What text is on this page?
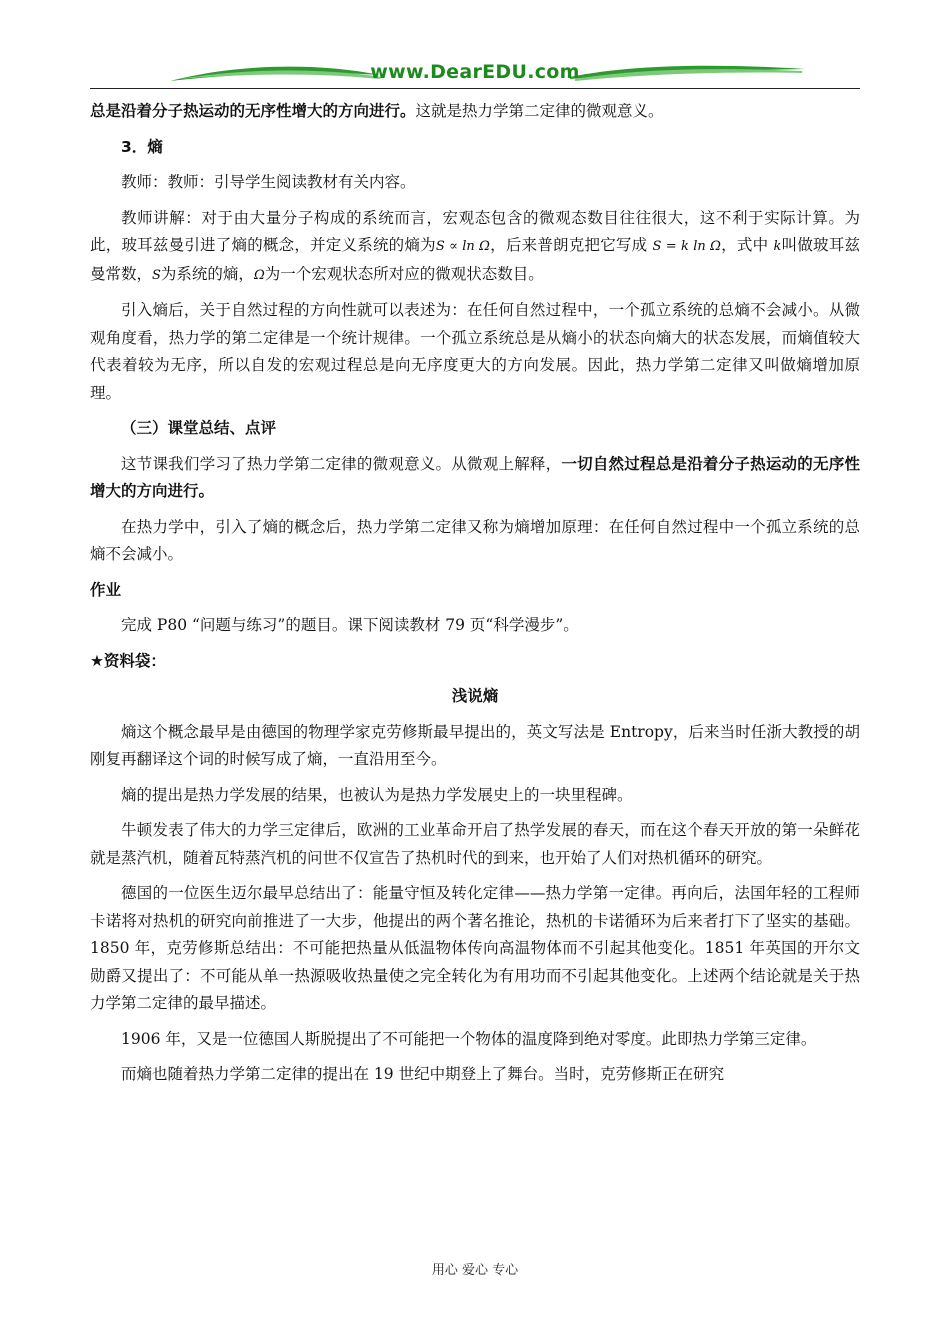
www.DearEDU.com

总是沿着分子热运动的无序性增大的方向进行。这就是热力学第二定律的微观意义。

3．熵

教师：教师：引导学生阅读教材有关内容。

教师讲解：对于由大量分子构成的系统而言，宏观态包含的微观态数目往往很大，这不利于实际计算。为此，玻耳兹曼引进了熵的概念，并定义系统的熵为S ∝ ln Ω，后来普朗克把它写成 S = k ln Ω，式中 k叫做玻耳兹曼常数，S为系统的熵，Ω为一个宏观状态所对应的微观状态数目。

引入熵后，关于自然过程的方向性就可以表述为：在任何自然过程中，一个孤立系统的总熵不会减小。从微观角度看，热力学的第二定律是一个统计规律。一个孤立系统总是从熵小的状态向熵大的状态发展，而熵值较大代表着较为无序，所以自发的宏观过程总是向无序度更大的方向发展。因此，热力学第二定律又叫做熵增加原理。

（三）课堂总结、点评

这节课我们学习了热力学第二定律的微观意义。从微观上解释，一切自然过程总是沿着分子热运动的无序性增大的方向进行。

在热力学中，引入了熵的概念后，热力学第二定律又称为熵增加原理：在任何自然过程中一个孤立系统的总熵不会减小。

作业

完成 P80 “问题与练习”的题目。课下阅读教材 79 页“科学漫步”。

★资料袋：

浅说熵

熵这个概念最早是由德国的物理学家克劳修斯最早提出的，英文写法是 Entropy，后来当时任浙大教授的胡刚复再翻译这个词的时候写成了熵，一直沿用至今。

熵的提出是热力学发展的结果，也被认为是热力学发展史上的一块里程碑。

牛顿发表了伟大的力学三定律后，欧洲的工业革命开启了热学发展的春天，而在这个春天开放的第一朵鲜花就是蒸汽机，随着瓦特蒸汽机的问世不仅宣告了热机时代的到来，也开始了人们对热机循环的研究。

德国的一位医生迈尔最早总结出了：能量守恒及转化定律——热力学第一定律。再向后，法国年轻的工程师卡诺将对热机的研究向前推进了一大步，他提出的两个著名推论，热机的卡诺循环为后来者打下了坚实的基础。1850 年，克劳修斯总结出：不可能把热量从低温物体传向高温物体而不引起其他变化。1851 年英国的开尔文勋爵又提出了：不可能从单一热源吸收热量使之完全转化为有用功而不引起其他变化。上述两个结论就是关于热力学第二定律的最早描述。

1906 年，又是一位德国人斯脱提出了不可能把一个物体的温度降到绝对零度。此即热力学第三定律。

而熵也随着热力学第二定律的提出在 19 世纪中期登上了舞台。当时，克劳修斯正在研究

用心 爱心 专心
